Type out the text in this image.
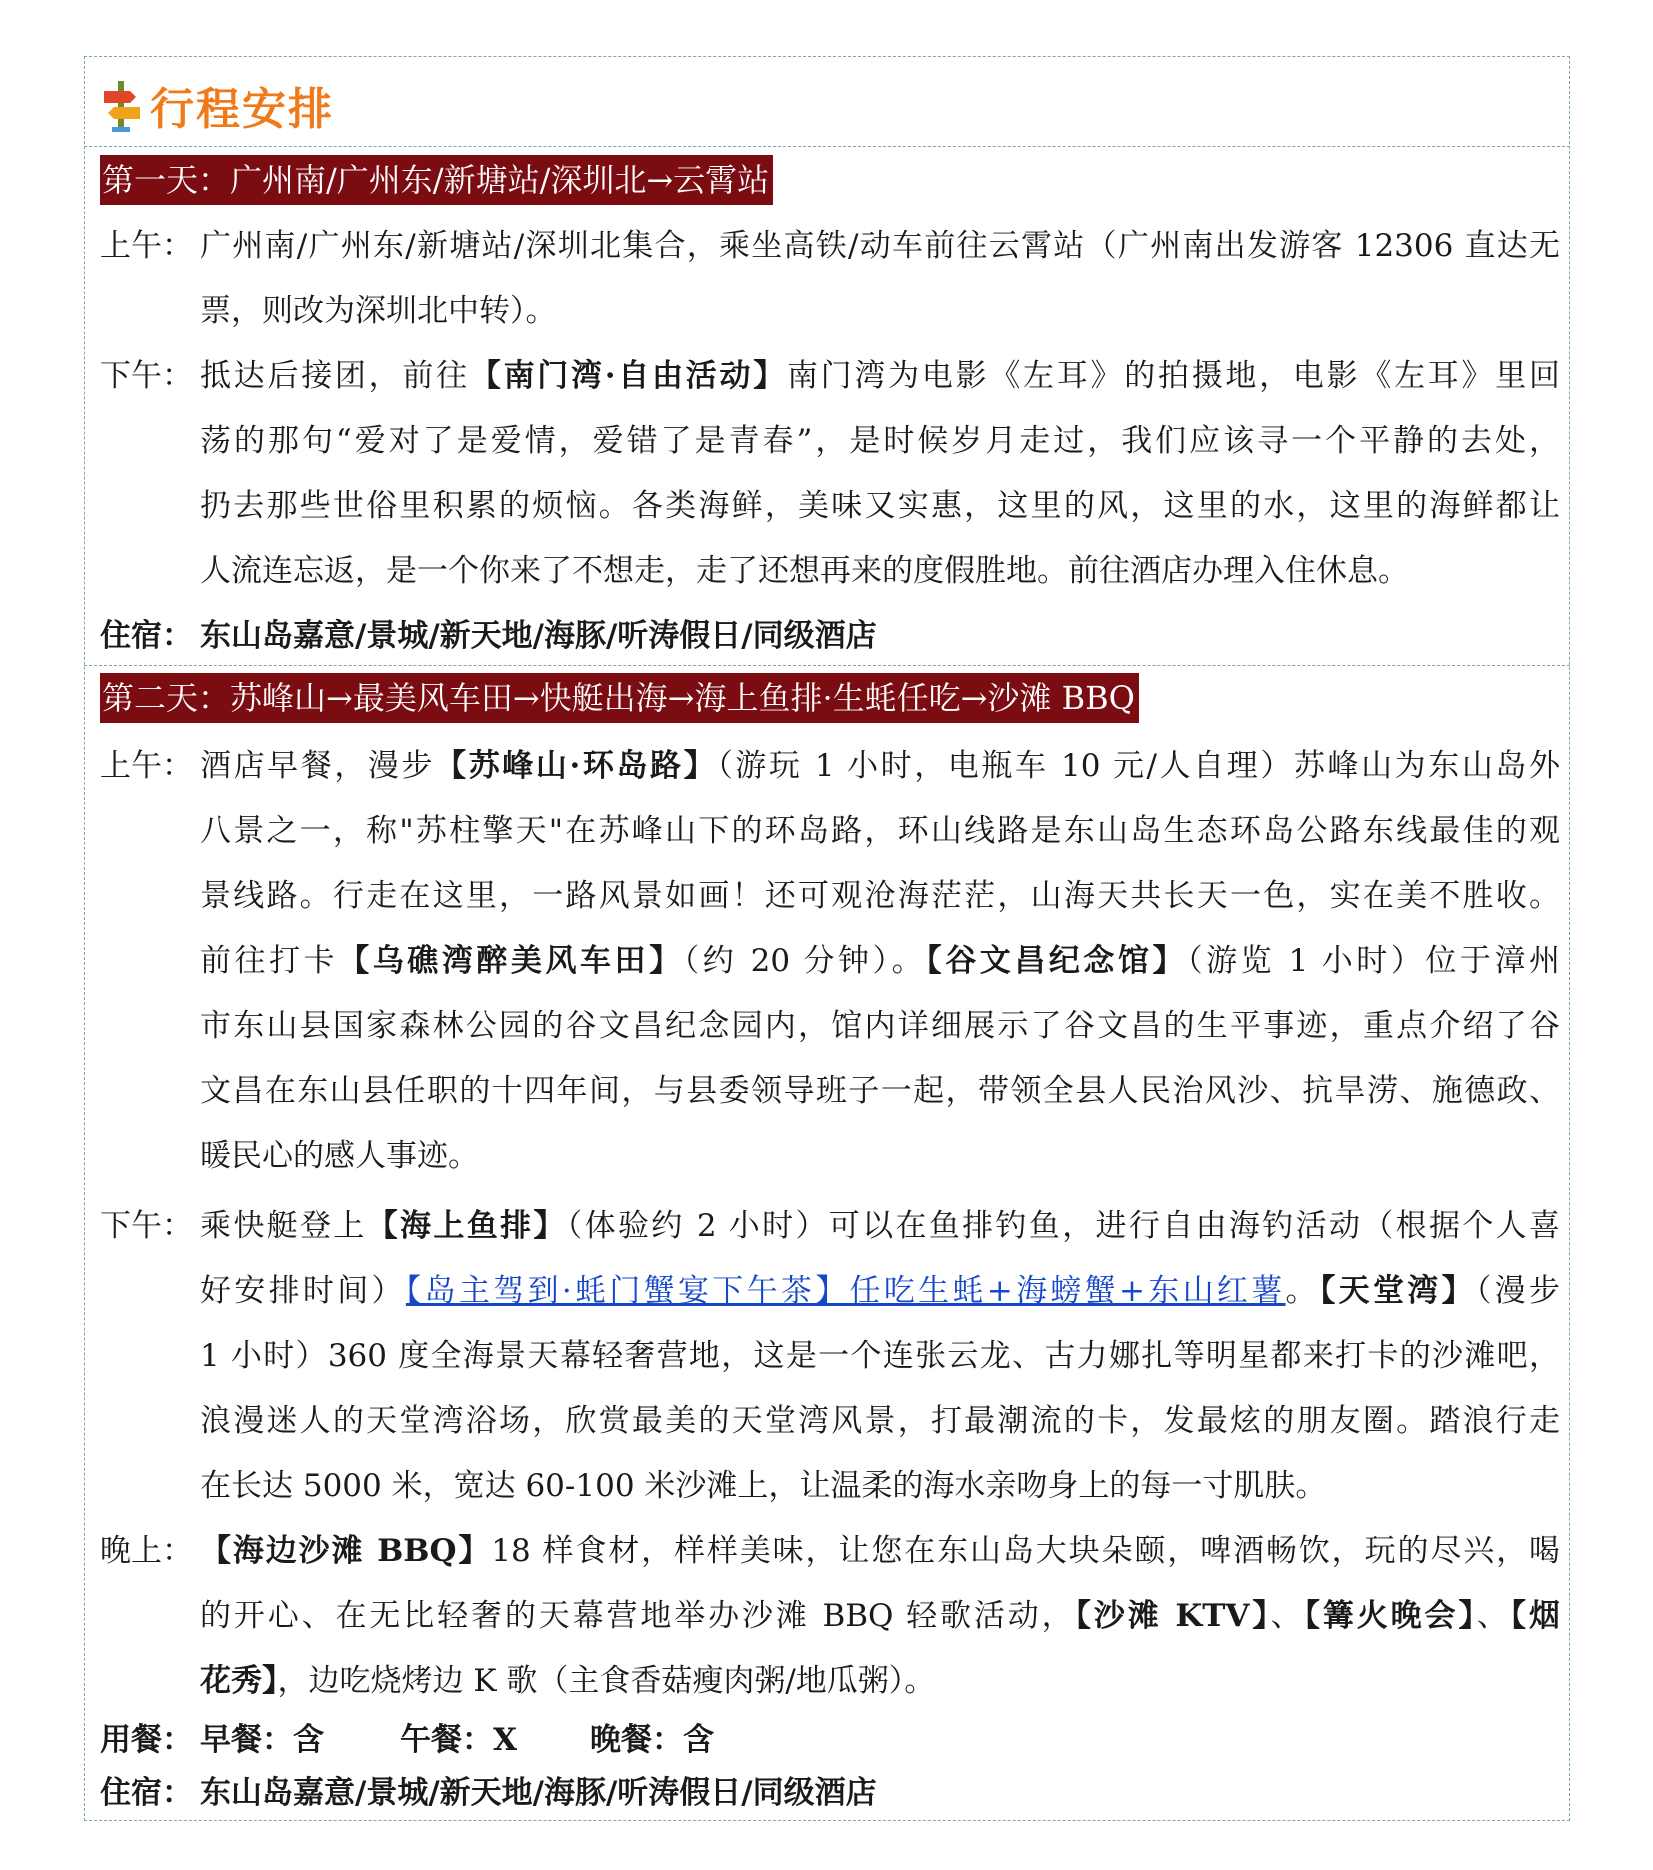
行程安排
第一天：广州南/广州东/新塘站/深圳北→云霄站
上午： 广州南/广州东/新塘站/深圳北集合，乘坐高铁/动车前往云霄站（广州南出发游客 12306 直达无
票，则改为深圳北中转）。
下午： 抵达后接团，前往【南门湾·自由活动】南门湾为电影《左耳》的拍摄地，电影《左耳》里回
荡的那句“爱对了是爱情，爱错了是青春”，是时候岁月走过，我们应该寻一个平静的去处，
扔去那些世俗里积累的烦恼。各类海鲜，美味又实惠，这里的风，这里的水，这里的海鲜都让
人流连忘返，是一个你来了不想走，走了还想再来的度假胜地。前往酒店办理入住休息。
住宿： 东山岛嘉意/景城/新天地/海豚/听涛假日/同级酒店
第二天：苏峰山→最美风车田→快艇出海→海上鱼排·生蚝任吃→沙滩 BBQ
上午： 酒店早餐，漫步【苏峰山·环岛路】（游玩 1 小时，电瓶车 10 元/人自理）苏峰山为东山岛外
八景之一，称"苏柱擎天"在苏峰山下的环岛路，环山线路是东山岛生态环岛公路东线最佳的观
景线路。行走在这里，一路风景如画！还可观沧海茫茫，山海天共长天一色，实在美不胜收。
前往打卡【乌礁湾醉美风车田】（约 20 分钟）。【谷文昌纪念馆】（游览 1 小时）位于漳州
市东山县国家森林公园的谷文昌纪念园内，馆内详细展示了谷文昌的生平事迹，重点介绍了谷
文昌在东山县任职的十四年间，与县委领导班子一起，带领全县人民治风沙、抗旱涝、施德政、
暖民心的感人事迹。
下午： 乘快艇登上【海上鱼排】（体验约 2 小时）可以在鱼排钓鱼，进行自由海钓活动（根据个人喜
好安排时间）【岛主驾到·蚝门蟹宴下午茶】任吃生蚝+海螃蟹+东山红薯。【天堂湾】（漫步
1 小时）360 度全海景天幕轻奢营地，这是一个连张云龙、古力娜扎等明星都来打卡的沙滩吧，
浪漫迷人的天堂湾浴场，欣赏最美的天堂湾风景，打最潮流的卡，发最炫的朋友圈。踏浪行走
在长达 5000 米，宽达 60-100 米沙滩上，让温柔的海水亲吻身上的每一寸肌肤。
晚上： 【海边沙滩 BBQ】18 样食材，样样美味，让您在东山岛大块朵颐，啤酒畅饮，玩的尽兴，喝
的开心、在无比轻奢的天幕营地举办沙滩 BBQ 轻歌活动，【沙滩 KTV】、【篝火晚会】、【烟
花秀】，边吃烧烤边 K 歌（主食香菇瘦肉粥/地瓜粥）。
用餐： 早餐：含 午餐：X 晚餐：含
住宿： 东山岛嘉意/景城/新天地/海豚/听涛假日/同级酒店
